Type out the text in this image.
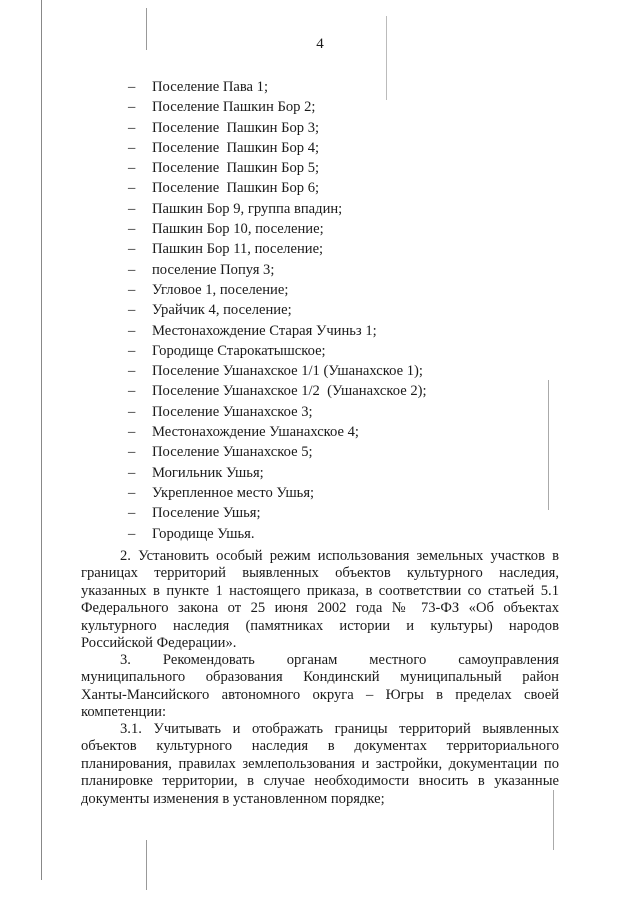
4
–	Поселение Пава 1;
–	Поселение Пашкин Бор 2;
–	Поселение  Пашкин Бор 3;
–	Поселение  Пашкин Бор 4;
–	Поселение  Пашкин Бор 5;
–	Поселение  Пашкин Бор 6;
–	Пашкин Бор 9, группа впадин;
–	Пашкин Бор 10, поселение;
–	Пашкин Бор 11, поселение;
–	поселение Попуя 3;
–	Угловое 1, поселение;
–	Урайчик 4, поселение;
–	Местонахождение Старая Учиньз 1;
–	Городище Старокатышское;
–	Поселение Ушанахское 1/1 (Ушанахское 1);
–	Поселение Ушанахское 1/2  (Ушанахское 2);
–	Поселение Ушанахское 3;
–	Местонахождение Ушанахское 4;
–	Поселение Ушанахское 5;
–	Могильник Ушья;
–	Укрепленное место Ушья;
–	Поселение Ушья;
–	Городище Ушья.
2. Установить особый режим использования земельных участков в
границах территорий выявленных объектов культурного наследия,
указанных в пункте 1 настоящего приказа, в соответствии со статьей 5.1
Федерального закона от 25 июня 2002 года № 73-ФЗ «Об объектах
культурного наследия (памятниках истории и культуры) народов
Российской Федерации».
3. Рекомендовать органам местного самоуправления
муниципального образования Кондинский муниципальный район
Ханты-Мансийского автономного округа – Югры в пределах своей
компетенции:
3.1. Учитывать и отображать границы территорий выявленных
объектов культурного наследия в документах территориального
планирования, правилах землепользования и застройки, документации по
планировке территории, в случае необходимости вносить в указанные
документы изменения в установленном порядке;
